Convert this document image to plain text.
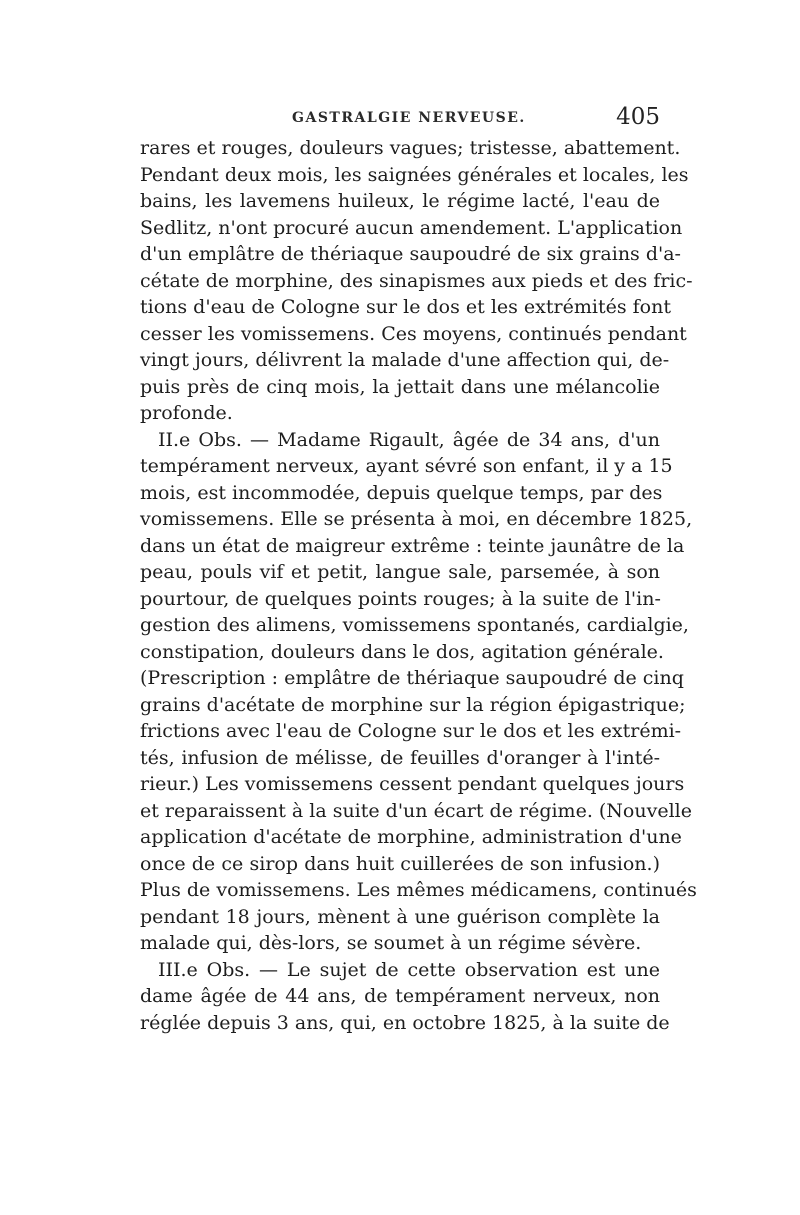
GASTRALGIE NERVEUSE.	405
rares et rouges, douleurs vagues; tristesse, abattement.
Pendant deux mois, les saignées générales et locales, les
bains, les lavemens huileux, le régime lacté, l'eau de
Sedlitz, n'ont procuré aucun amendement. L'application
d'un emplâtre de thériaque saupoudré de six grains d'a-
cétate de morphine, des sinapismes aux pieds et des fric-
tions d'eau de Cologne sur le dos et les extrémités font
cesser les vomissemens. Ces moyens, continués pendant
vingt jours, délivrent la malade d'une affection qui, de-
puis près de cinq mois, la jettait dans une mélancolie
profonde.
II.e Obs. — Madame Rigault, âgée de 34 ans, d'un
tempérament nerveux, ayant sévré son enfant, il y a 15
mois, est incommodée, depuis quelque temps, par des
vomissemens. Elle se présenta à moi, en décembre 1825,
dans un état de maigreur extrême : teinte jaunâtre de la
peau, pouls vif et petit, langue sale, parsemée, à son
pourtour, de quelques points rouges; à la suite de l'in-
gestion des alimens, vomissemens spontanés, cardialgie,
constipation, douleurs dans le dos, agitation générale.
(Prescription : emplâtre de thériaque saupoudré de cinq
grains d'acétate de morphine sur la région épigastrique;
frictions avec l'eau de Cologne sur le dos et les extrémi-
tés, infusion de mélisse, de feuilles d'oranger à l'inté-
rieur.) Les vomissemens cessent pendant quelques jours
et reparaissent à la suite d'un écart de régime. (Nouvelle
application d'acétate de morphine, administration d'une
once de ce sirop dans huit cuillerées de son infusion.)
Plus de vomissemens. Les mêmes médicamens, continués
pendant 18 jours, mènent à une guérison complète la
malade qui, dès-lors, se soumet à un régime sévère.
III.e Obs. — Le sujet de cette observation est une
dame âgée de 44 ans, de tempérament nerveux, non
réglée depuis 3 ans, qui, en octobre 1825, à la suite de
